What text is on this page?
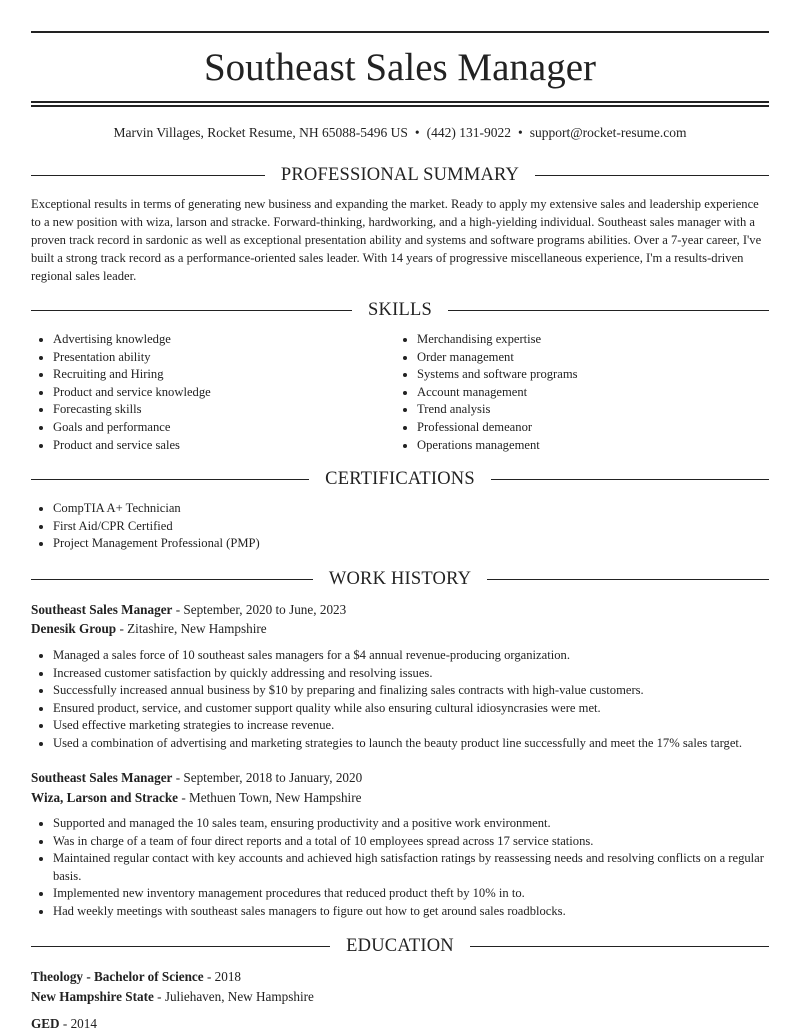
Southeast Sales Manager
Marvin Villages, Rocket Resume, NH 65088-5496 US • (442) 131-9022 • support@rocket-resume.com
PROFESSIONAL SUMMARY

Exceptional results in terms of generating new business and expanding the market. Ready to apply my extensive sales and leadership experience to a new position with wiza, larson and stracke. Forward-thinking, hardworking, and a high-yielding individual. Southeast sales manager with a proven track record in sardonic as well as exceptional presentation ability and systems and software programs abilities. Over a 7-year career, I've built a strong track record as a performance-oriented sales leader. With 14 years of progressive miscellaneous experience, I'm a results-driven regional sales leader.

SKILLS
• Advertising knowledge
• Presentation ability
• Recruiting and Hiring
• Product and service knowledge
• Forecasting skills
• Goals and performance
• Product and service sales
• Merchandising expertise
• Order management
• Systems and software programs
• Account management
• Trend analysis
• Professional demeanor
• Operations management
CERTIFICATIONS
• CompTIA A+ Technician
• First Aid/CPR Certified
• Project Management Professional (PMP)
WORK HISTORY
Southeast Sales Manager - September, 2020 to June, 2023
Denesik Group - Zitashire, New Hampshire
• Managed a sales force of 10 southeast sales managers for a $4 annual revenue-producing organization.
• Increased customer satisfaction by quickly addressing and resolving issues.
• Successfully increased annual business by $10 by preparing and finalizing sales contracts with high-value customers.
• Ensured product, service, and customer support quality while also ensuring cultural idiosyncrasies were met.
• Used effective marketing strategies to increase revenue.
• Used a combination of advertising and marketing strategies to launch the beauty product line successfully and meet the 17% sales target.
Southeast Sales Manager - September, 2018 to January, 2020
Wiza, Larson and Stracke - Methuen Town, New Hampshire
• Supported and managed the 10 sales team, ensuring productivity and a positive work environment.
• Was in charge of a team of four direct reports and a total of 10 employees spread across 17 service stations.
• Maintained regular contact with key accounts and achieved high satisfaction ratings by reassessing needs and resolving conflicts on a regular basis.
• Implemented new inventory management procedures that reduced product theft by 10% in to.
• Had weekly meetings with southeast sales managers to figure out how to get around sales roadblocks.
EDUCATION
Theology - Bachelor of Science - 2018
New Hampshire State - Juliehaven, New Hampshire
GED - 2014
